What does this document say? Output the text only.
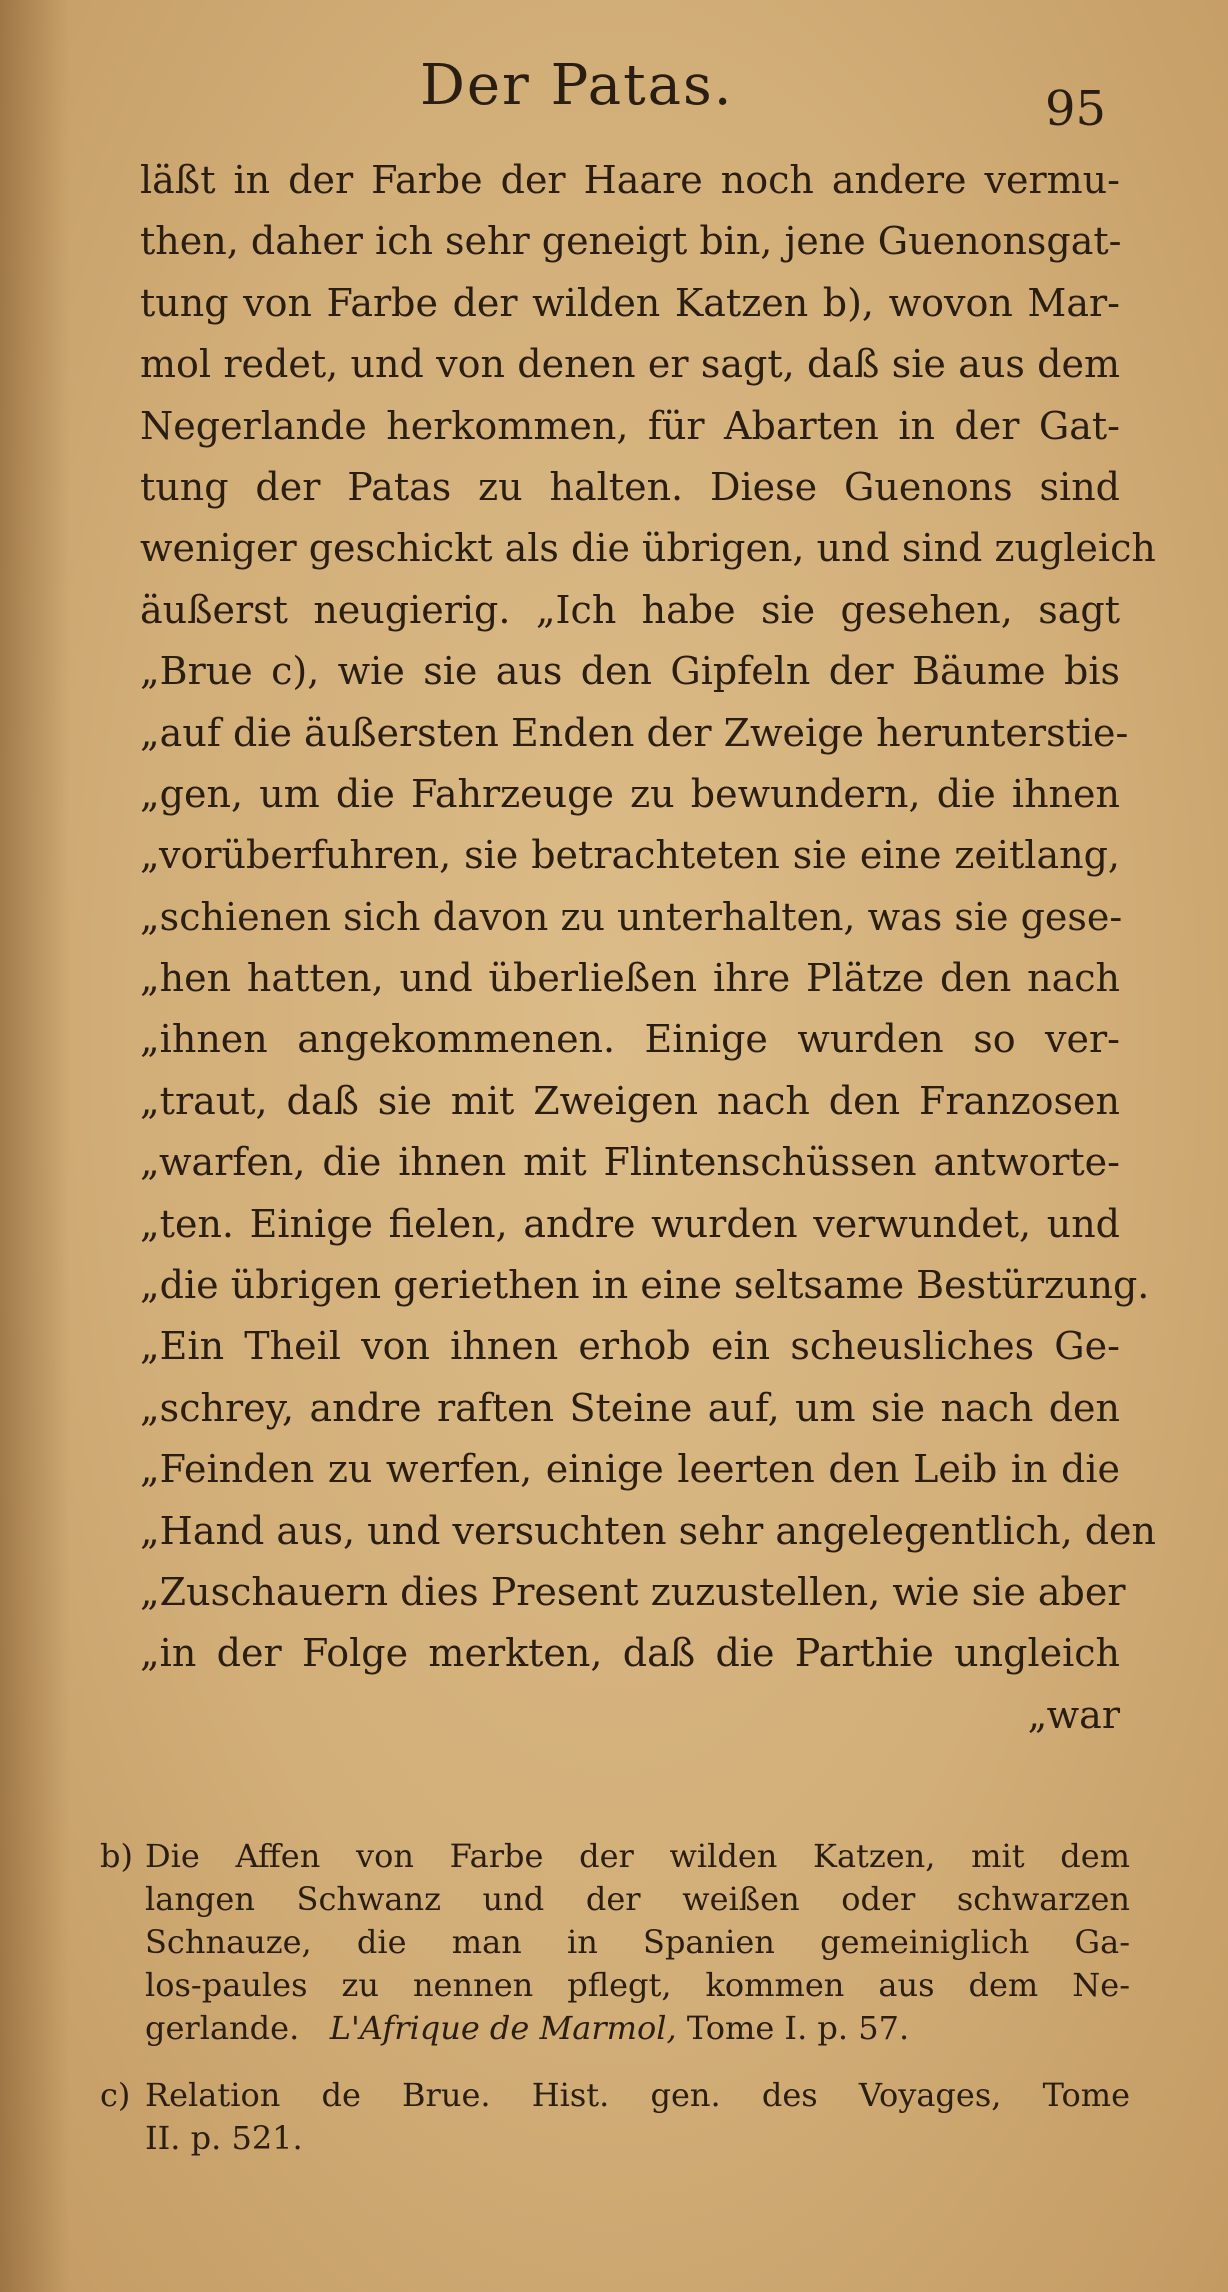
Der Patas.	95
läßt in der Farbe der Haare noch andere vermu-
then, daher ich sehr geneigt bin, jene Guenonsgat-
tung von Farbe der wilden Katzen b), wovon Mar-
mol redet, und von denen er sagt, daß sie aus dem
Negerlande herkommen, für Abarten in der Gat-
tung der Patas zu halten. Diese Guenons sind
weniger geschickt als die übrigen, und sind zugleich
äußerst neugierig. „Ich habe sie gesehen, sagt
„Brue c), wie sie aus den Gipfeln der Bäume bis
„auf die äußersten Enden der Zweige herunterstie-
„gen, um die Fahrzeuge zu bewundern, die ihnen
„vorüberfuhren, sie betrachteten sie eine zeitlang,
„schienen sich davon zu unterhalten, was sie gese-
„hen hatten, und überließen ihre Plätze den nach
„ihnen angekommenen. Einige wurden so ver-
„traut, daß sie mit Zweigen nach den Franzosen
„warfen, die ihnen mit Flintenschüssen antworte-
„ten. Einige fielen, andre wurden verwundet, und
„die übrigen geriethen in eine seltsame Bestürzung.
„Ein Theil von ihnen erhob ein scheusliches Ge-
„schrey, andre raften Steine auf, um sie nach den
„Feinden zu werfen, einige leerten den Leib in die
„Hand aus, und versuchten sehr angelegentlich, den
„Zuschauern dies Present zuzustellen, wie sie aber
„in der Folge merkten, daß die Parthie ungleich
„war
b) Die Affen von Farbe der wilden Katzen, mit dem
langen Schwanz und der weißen oder schwarzen
Schnauze, die man in Spanien gemeiniglich Ga-
los-paules zu nennen pflegt, kommen aus dem Ne-
gerlande. L'Afrique de Marmol, Tome I. p. 57.
c) Relation de Brue. Hist. gen. des Voyages, Tome
II. p. 521.
